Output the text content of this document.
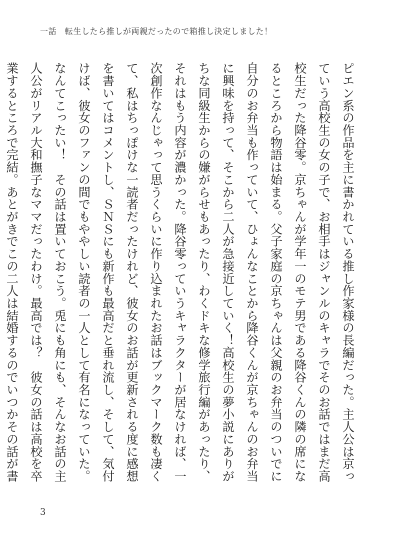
一話　転生したら推しが両親だったので箱推し決定しました！

ピエン系の作品を主に書かれている推し作家様の長編だった。主人公は京っていう高校生の女の子で、お相手はジャンルのキャラでそのお話ではまだ高校生だった降谷零。京ちゃんが学年一のモテ男である降谷くんの隣の席になるところから物語は始まる。父子家庭の京ちゃんは父親のお弁当のついでに自分のお弁当も作っていて、ひょんなことから降谷くんが京ちゃんのお弁当に興味を持って、そこから二人が急接近していく！高校生の夢小説にありがちな同級生からの嫌がらせもあったり、わくドキな修学旅行編があったり、それはもう内容が濃かった。降谷零っていうキャラクターが居なければ、一次創作なんじゃって思うくらいに作り込まれたお話はブックマーク数も凄くて、私はちっぽけな一読者だったけれど、彼女のお話が更新される度に感想を書いてはコメントし、ＳＮＳにも新作も最高だと垂れ流し、そして、気付けば、彼女のファンの間でもややしい読者の一人として有名になっていた。なんてこったい！　その話は置いておこう。兎にも角にも、そんなお話の主人公がリアル大和撫子なママだったわけ。最高では？　彼女の話は高校を卒業するところで完結。あとがきでこの二人は結婚するのでいつかその話が書

3
